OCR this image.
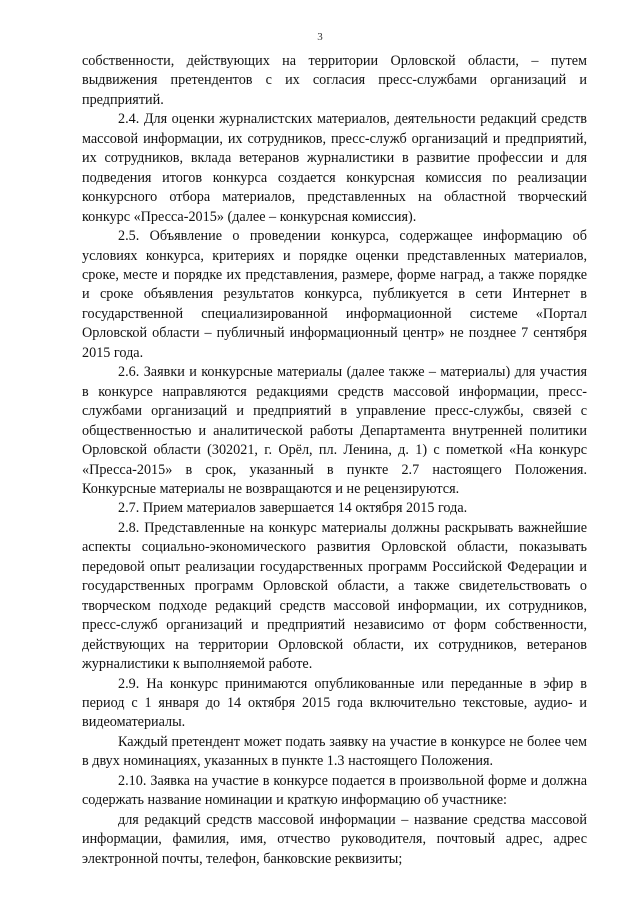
3

собственности, действующих на территории Орловской области, – путем выдвижения претендентов с их согласия пресс-службами организаций и предприятий.

2.4. Для оценки журналистских материалов, деятельности редакций средств массовой информации, их сотрудников, пресс-служб организаций и предприятий, их сотрудников, вклада ветеранов журналистики в развитие профессии и для подведения итогов конкурса создается конкурсная комиссия по реализации конкурсного отбора материалов, представленных на областной творческий конкурс «Пресса-2015» (далее – конкурсная комиссия).

2.5. Объявление о проведении конкурса, содержащее информацию об условиях конкурса, критериях и порядке оценки представленных материалов, сроке, месте и порядке их представления, размере, форме наград, а также порядке и сроке объявления результатов конкурса, публикуется в сети Интернет в государственной специализированной информационной системе «Портал Орловской области – публичный информационный центр» не позднее 7 сентября 2015 года.

2.6. Заявки и конкурсные материалы (далее также – материалы) для участия в конкурсе направляются редакциями средств массовой информации, пресс-службами организаций и предприятий в управление пресс-службы, связей с общественностью и аналитической работы Департамента внутренней политики Орловской области (302021, г. Орёл, пл. Ленина, д. 1) с пометкой «На конкурс «Пресса-2015» в срок, указанный в пункте 2.7 настоящего Положения. Конкурсные материалы не возвращаются и не рецензируются.

2.7. Прием материалов завершается 14 октября 2015 года.

2.8. Представленные на конкурс материалы должны раскрывать важнейшие аспекты социально-экономического развития Орловской области, показывать передовой опыт реализации государственных программ Российской Федерации и государственных программ Орловской области, а также свидетельствовать о творческом подходе редакций средств массовой информации, их сотрудников, пресс-служб организаций и предприятий независимо от форм собственности, действующих на территории Орловской области, их сотрудников, ветеранов журналистики к выполняемой работе.

2.9. На конкурс принимаются опубликованные или переданные в эфир в период с 1 января до 14 октября 2015 года включительно текстовые, аудио- и видеоматериалы.

Каждый претендент может подать заявку на участие в конкурсе не более чем в двух номинациях, указанных в пункте 1.3 настоящего Положения.

2.10. Заявка на участие в конкурсе подается в произвольной форме и должна содержать название номинации и краткую информацию об участнике:

для редакций средств массовой информации – название средства массовой информации, фамилия, имя, отчество руководителя, почтовый адрес, адрес электронной почты, телефон, банковские реквизиты;
